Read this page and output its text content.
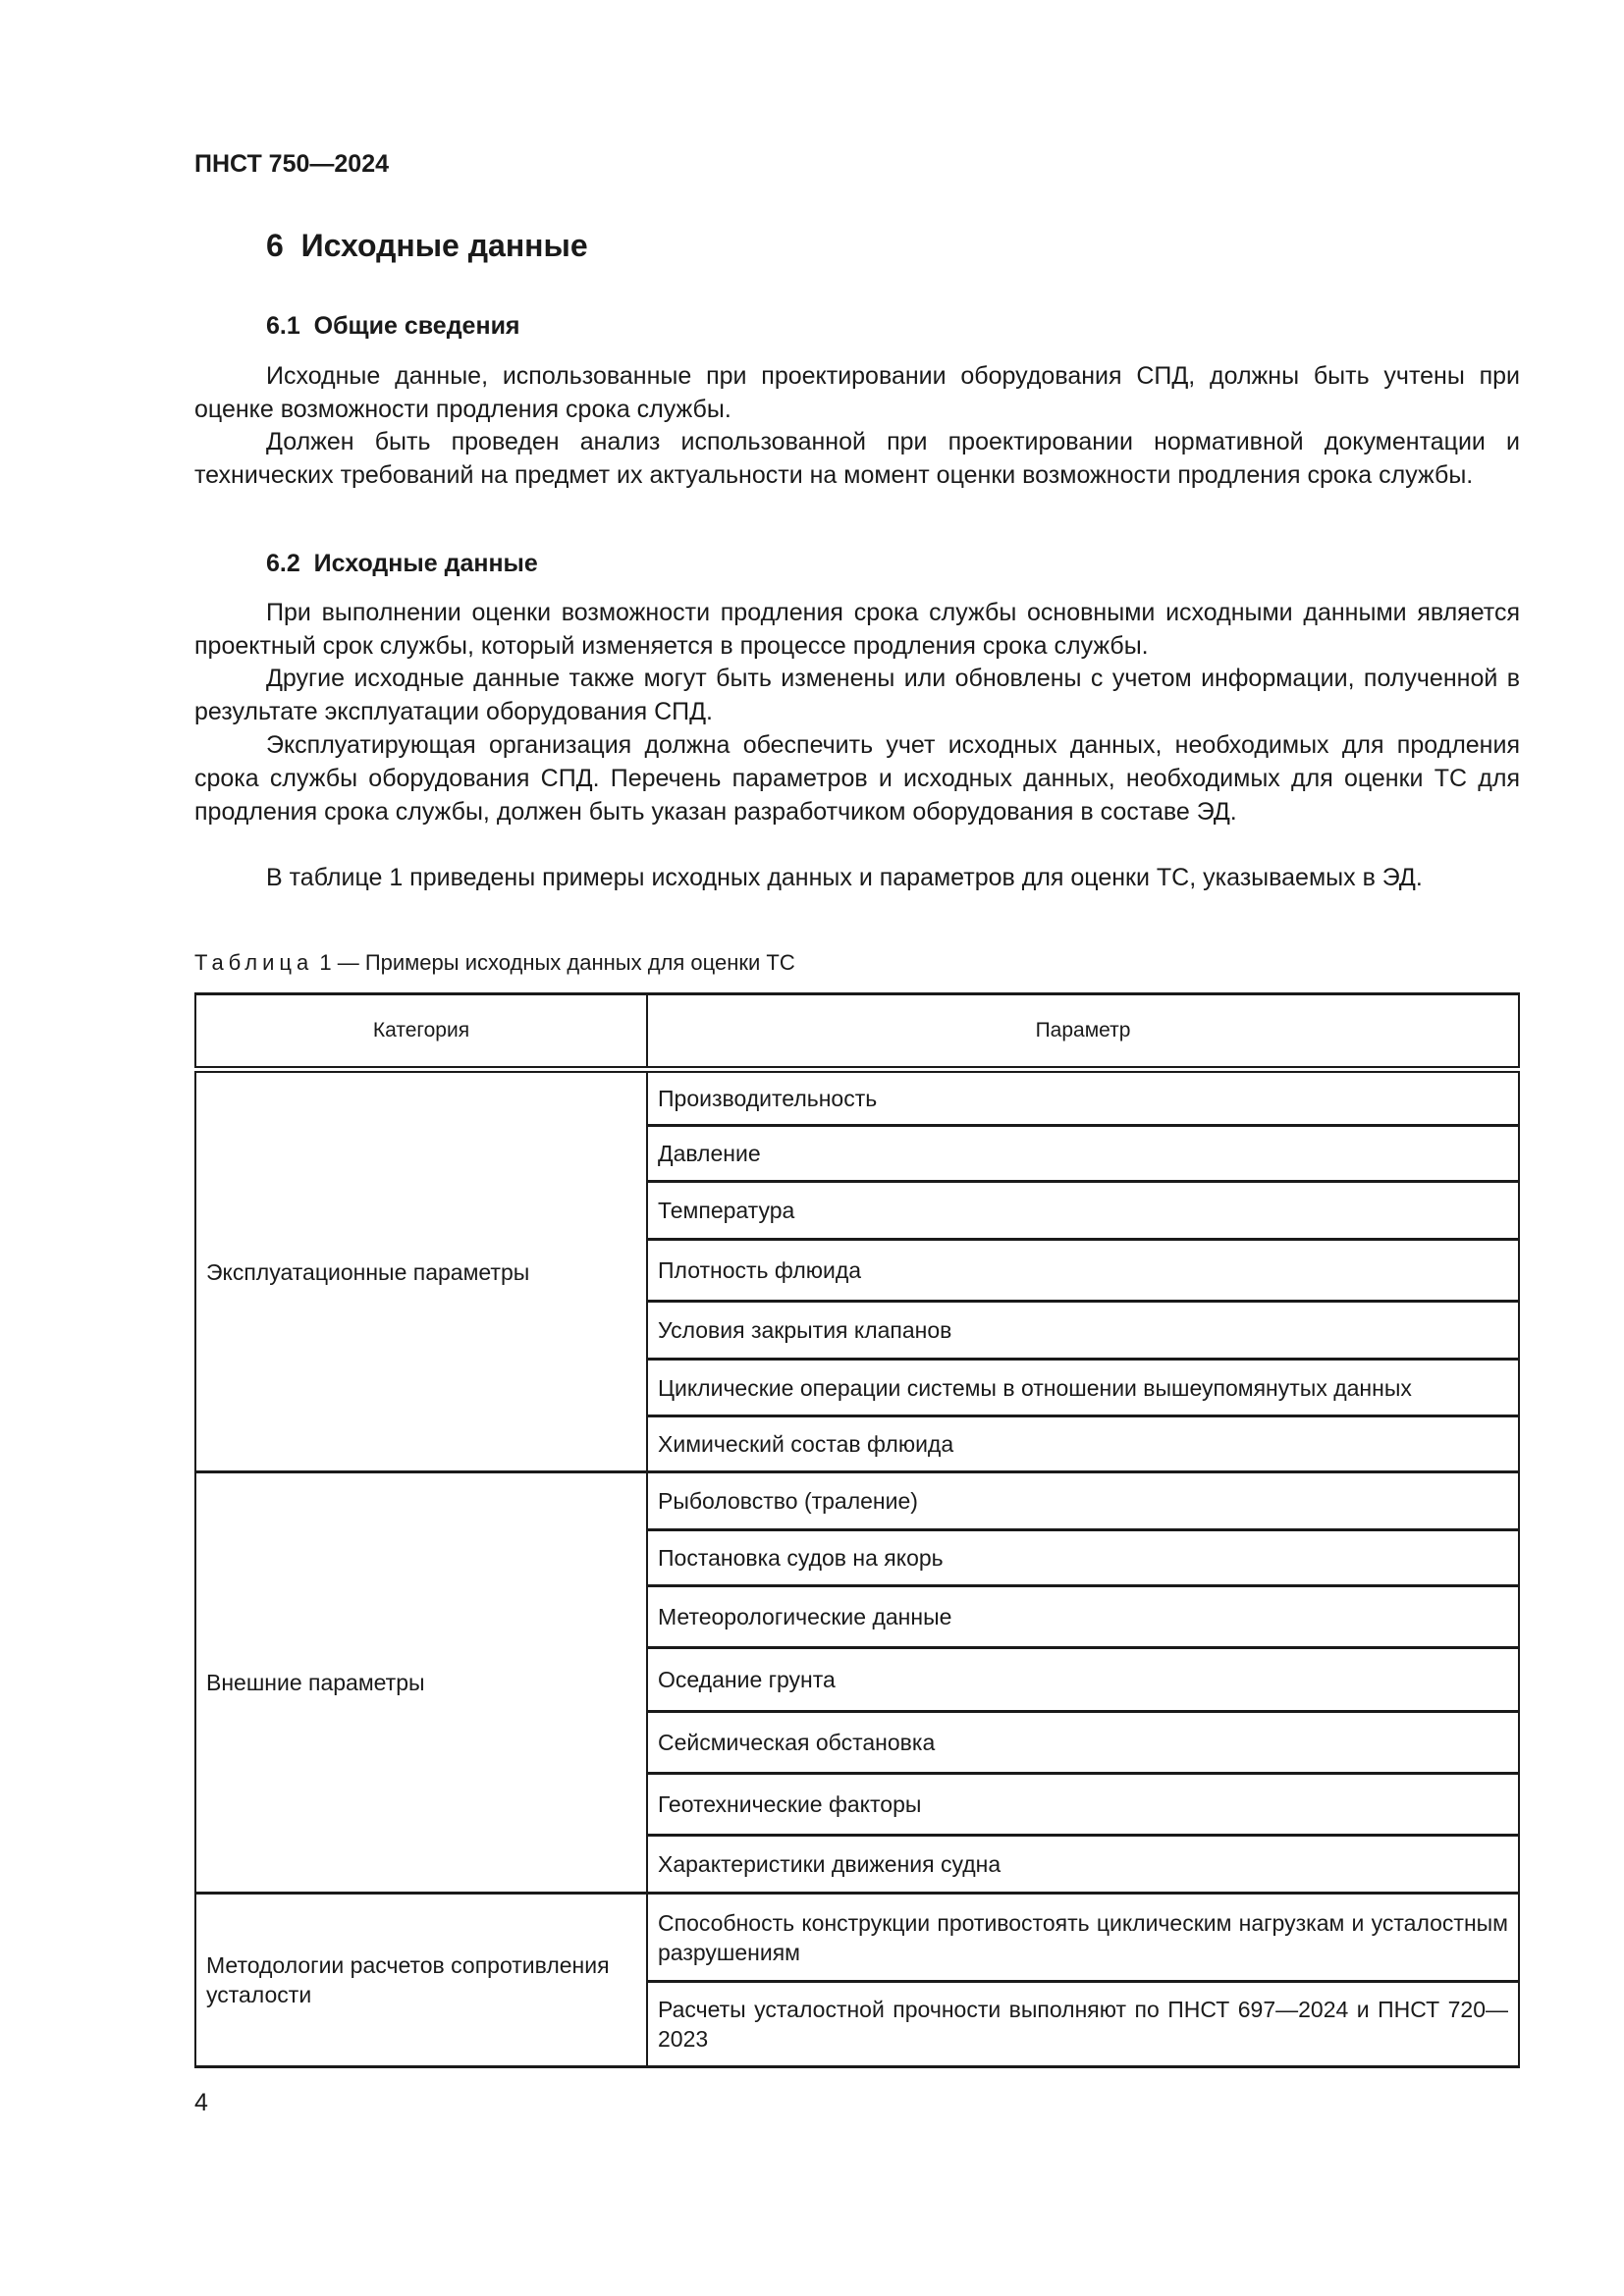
ПНСТ 750—2024
6  Исходные данные
6.1  Общие сведения

Исходные данные, использованные при проектировании оборудования СПД, должны быть учтены при оценке возможности продления срока службы.

Должен быть проведен анализ использованной при проектировании нормативной документации и технических требований на предмет их актуальности на момент оценки возможности продления срока службы.

6.2  Исходные данные

При выполнении оценки возможности продления срока службы основными исходными данными является проектный срок службы, который изменяется в процессе продления срока службы.

Другие исходные данные также могут быть изменены или обновлены с учетом информации, полученной в результате эксплуатации оборудования СПД.

Эксплуатирующая организация должна обеспечить учет исходных данных, необходимых для продления срока службы оборудования СПД. Перечень параметров и исходных данных, необходимых для оценки ТС для продления срока службы, должен быть указан разработчиком оборудования в составе ЭД.

В таблице 1 приведены примеры исходных данных и параметров для оценки ТС, указываемых в ЭД.

Таблица 1 — Примеры исходных данных для оценки ТС
Категория	Параметр
Эксплуатационные параметры	Производительность
	Давление
	Температура
	Плотность флюида
	Условия закрытия клапанов
	Циклические операции системы в отношении вышеупомянутых данных
	Химический состав флюида
Внешние параметры	Рыболовство (траление)
	Постановка судов на якорь
	Метеорологические данные
	Оседание грунта
	Сейсмическая обстановка
	Геотехнические факторы
	Характеристики движения судна
Методологии расчетов сопротивления усталости	Способность конструкции противостоять циклическим нагрузкам и усталостным разрушениям
	Расчеты усталостной прочности выполняют по ПНСТ 697—2024 и ПНСТ 720—2023
4
